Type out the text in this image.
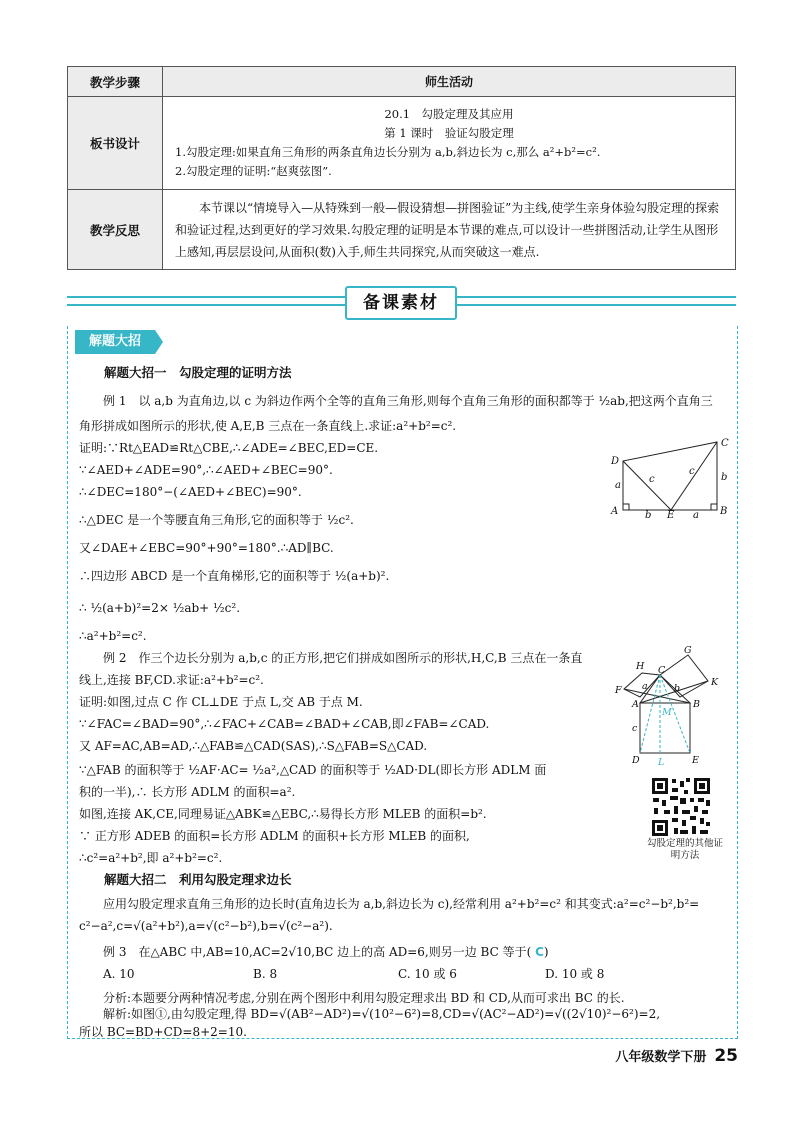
教学步骤	师生活动
板书设计	20.1　勾股定理及其应用
第 1 课时　验证勾股定理
1.勾股定理:如果直角三角形的两条直角边长分别为 a,b,斜边长为 c,那么 a²+b²=c².
2.勾股定理的证明:“赵爽弦图”.

教学反思	本节课以“情境导入—从特殊到一般—假设猜想—拼图验证”为主线,使学生亲身体验勾股定理的探索和验证过程,达到更好的学习效果.勾股定理的证明是本节课的难点,可以设计一些拼图活动,让学生从图形上感知,再层层设问,从面积(数)入手,师生共同探究,从而突破这一难点.
备课素材
解题大招
解题大招一　勾股定理的证明方法
例 1　以 a,b 为直角边,以 c 为斜边作两个全等的直角三角形,则每个直角三角形的面积都等于 ½ab,把这两个直角三
角形拼成如图所示的形状,使 A,E,B 三点在一条直线上.求证:a²+b²=c².
证明:∵Rt△EAD≌Rt△CBE,∴∠ADE=∠BEC,ED=CE.
∵∠AED+∠ADE=90°,∴∠AED+∠BEC=90°.
∴∠DEC=180°−(∠AED+∠BEC)=90°.
∴△DEC 是一个等腰直角三角形,它的面积等于 ½c².
又∠DAE+∠EBC=90°+90°=180°.∴AD∥BC.
∴四边形 ABCD 是一个直角梯形,它的面积等于 ½(a+b)².
∴ ½(a+b)²=2× ½ab+ ½c².
∴a²+b²=c².
例 2　作三个边长分别为 a,b,c 的正方形,把它们拼成如图所示的形状,H,C,B 三点在一条直
线上,连接 BF,CD.求证:a²+b²=c².
证明:如图,过点 C 作 CL⊥DE 于点 L,交 AB 于点 M.
∵∠FAC=∠BAD=90°,∴∠FAC+∠CAB=∠BAD+∠CAB,即∠FAB=∠CAD.
又 AF=AC,AB=AD,∴△FAB≌△CAD(SAS),∴S△FAB=S△CAD.
∵△FAB 的面积等于 ½AF·AC= ½a²,△CAD 的面积等于 ½AD·DL(即长方形 ADLM 面
积的一半),∴ 长方形 ADLM 的面积=a².
如图,连接 AK,CE,同理易证△ABK≌△EBC,∴易得长方形 MLEB 的面积=b².
∵ 正方形 ADEB 的面积=长方形 ADLM 的面积+长方形 MLEB 的面积,
∴c²=a²+b²,即 a²+b²=c².
解题大招二　利用勾股定理求边长
应用勾股定理求直角三角形的边长时(直角边长为 a,b,斜边长为 c),经常利用 a²+b²=c² 和其变式:a²=c²−b²,b²=
c²−a²,c=√(a²+b²),a=√(c²−b²),b=√(c²−a²).
例 3　在△ABC 中,AB=10,AC=2√10,BC 边上的高 AD=6,则另一边 BC 等于( C)
A. 10	B. 8	C. 10 或 6	D. 10 或 8
分析:本题要分两种情况考虑,分别在两个图形中利用勾股定理求出 BD 和 CD,从而可求出 BC 的长.
解析:如图①,由勾股定理,得 BD=√(AB²−AD²)=√(10²−6²)=8,CD=√(AC²−AD²)=√((2√10)²−6²)=2,
D
C
A	E	B
a
b	a
b
c
c
H
G
C
K
F
A	B
M
D L	E
a	b
c
勾股定理的其他证明方法
八年级数学下册 25
所以 BC=BD+CD=8+2=10.
